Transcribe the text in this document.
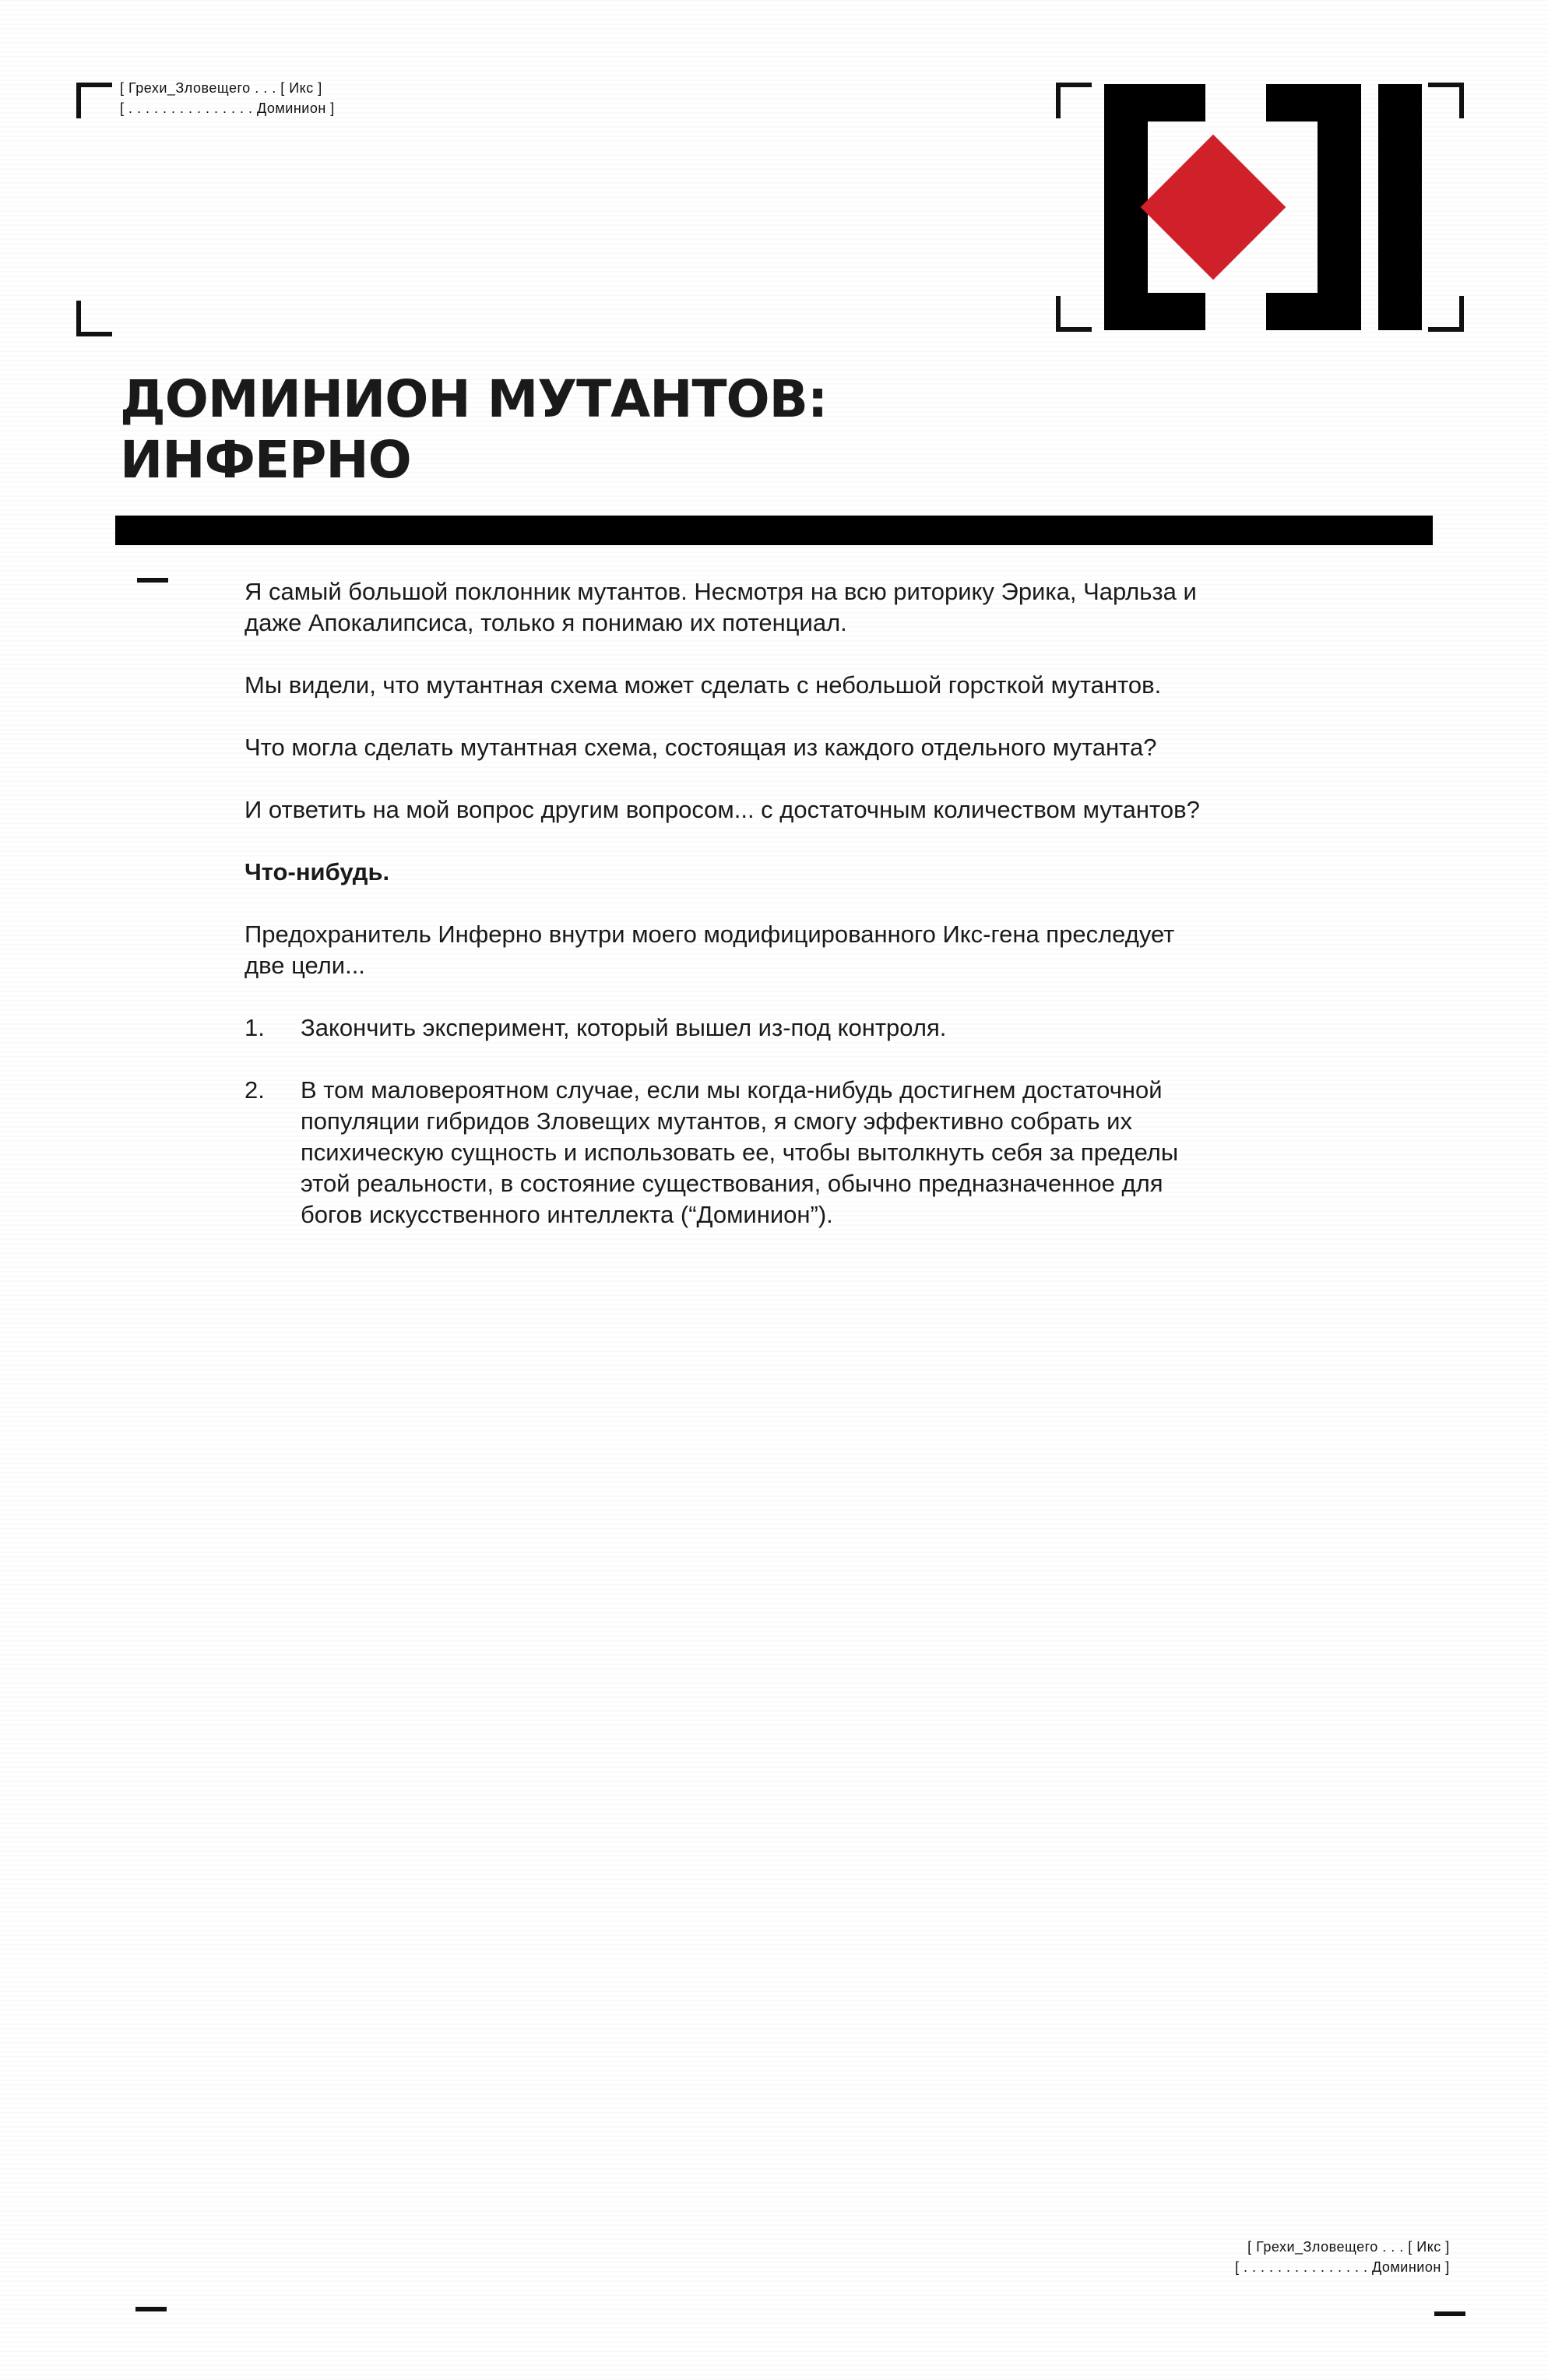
[ Грехи_Зловещего . . . [ Икс ]
[ . . . . . . . . . . . . . . . Доминион ]
ДОМИНИОН МУТАНТОВ:
ИНФЕРНО

Я самый большой поклонник мутантов. Несмотря на всю риторику Эрика, Чарльза и даже Апокалипсиса, только я понимаю их потенциал.

Мы видели, что мутантная схема может сделать с небольшой горсткой мутантов.

Что могла сделать мутантная схема, состоящая из каждого отдельного мутанта?

И ответить на мой вопрос другим вопросом... с достаточным количеством мутантов?

Что-нибудь.

Предохранитель Инферно внутри моего модифицированного Икс-гена преследует две цели...

1.	Закончить эксперимент, который вышел из-под контроля.
2.	В том маловероятном случае, если мы когда-нибудь достигнем достаточной популяции гибридов Зловещих мутантов, я смогу эффективно собрать их психическую сущность и использовать ее, чтобы вытолкнуть себя за пределы этой реальности, в состояние существования, обычно предназначенное для богов искусственного интеллекта (“Доминион”).
[ Грехи_Зловещего . . . [ Икс ]
[ . . . . . . . . . . . . . . . Доминион ]
